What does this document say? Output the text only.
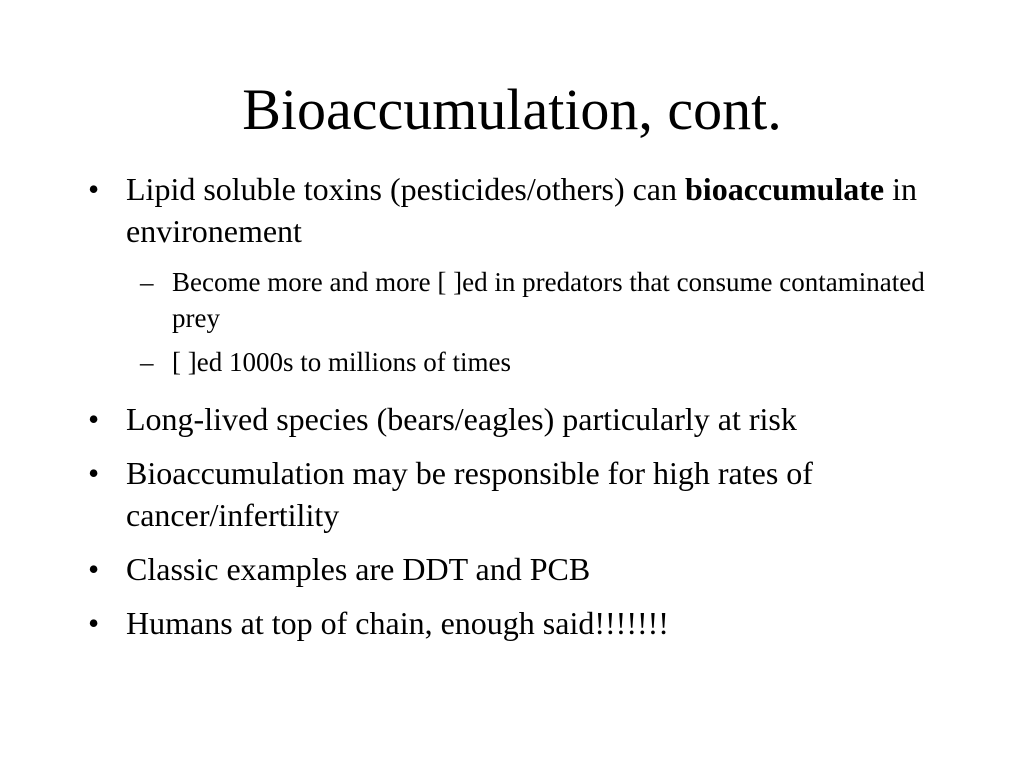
Bioaccumulation, cont.
• Lipid soluble toxins (pesticides/others) can bioaccumulate in environement
– Become more and more [ ]ed in predators that consume contaminated prey
– [ ]ed 1000s to millions of times
• Long-lived species (bears/eagles) particularly at risk
• Bioaccumulation may be responsible for high rates of cancer/infertility
• Classic examples are DDT and PCB
• Humans at top of chain, enough said!!!!!!!
